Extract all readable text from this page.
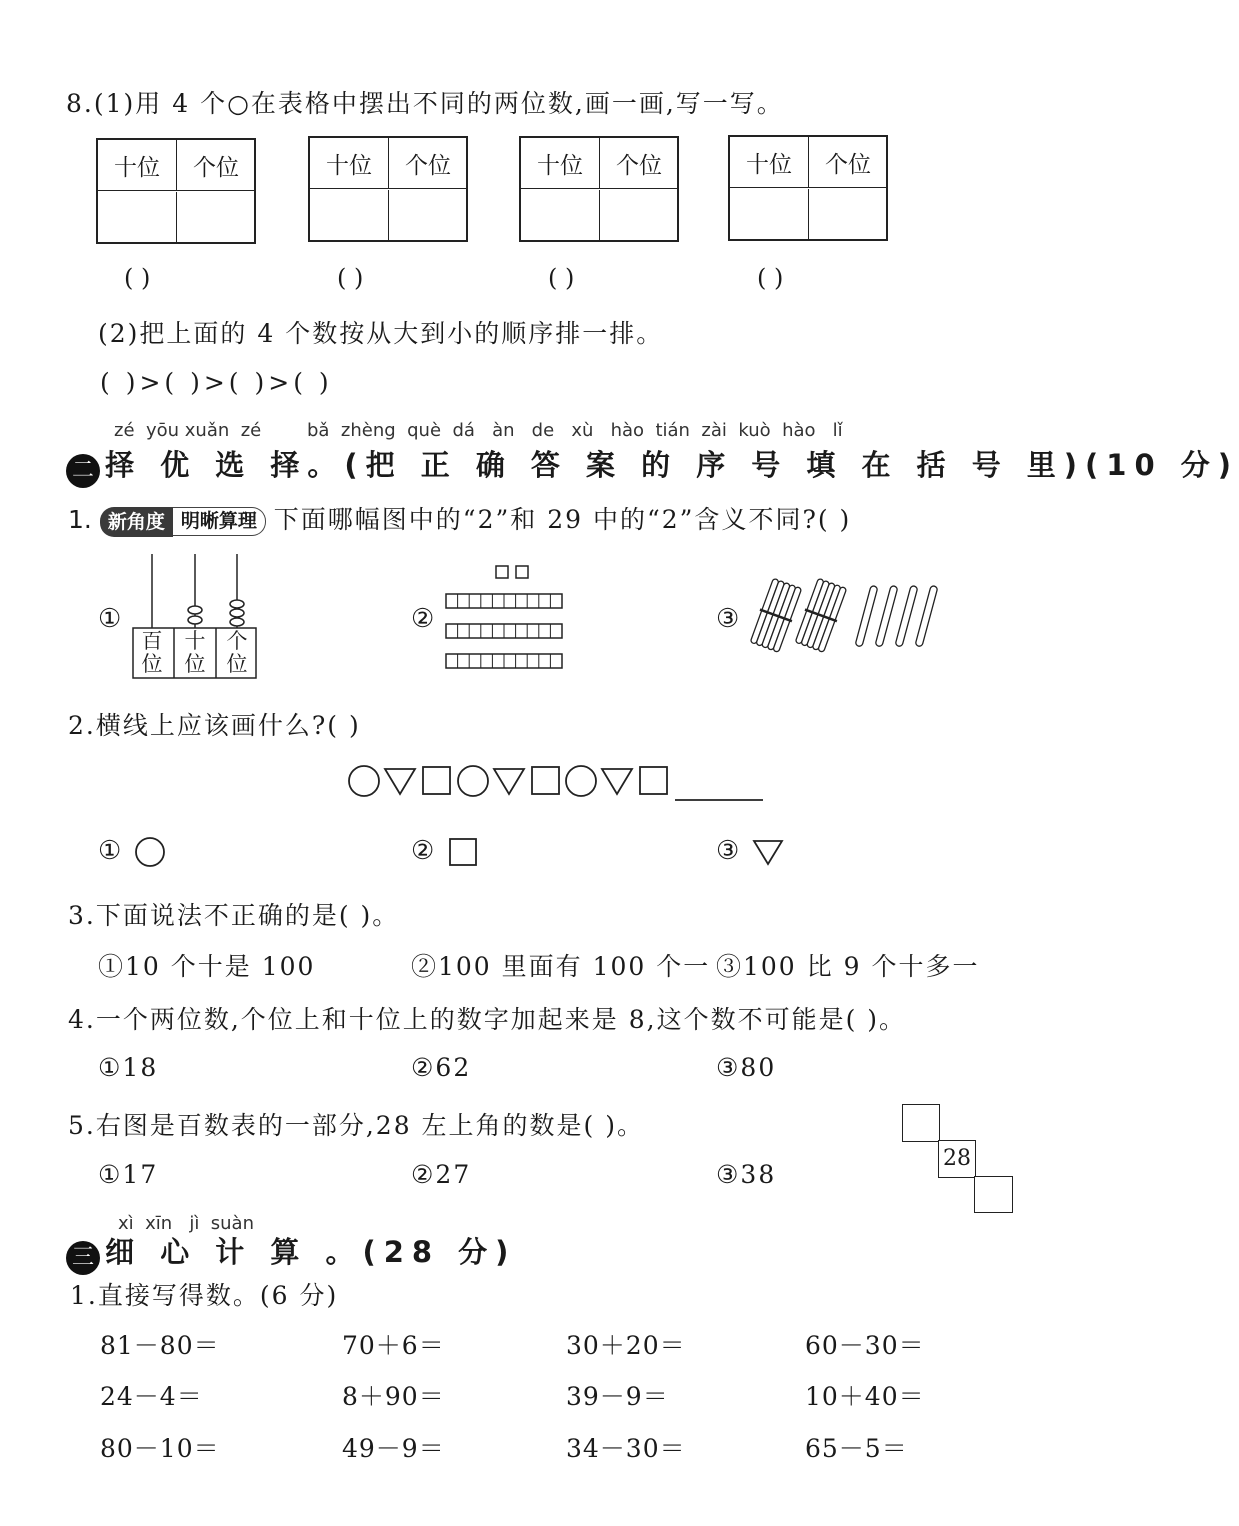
8.(1)用 4 个○在表格中摆出不同的两位数,画一画,写一写。
十位	个位	十位	个位	十位	个位	十位	个位
( )	( )	( )	( )
(2)把上面的 4 个数按从大到小的顺序排一排。
( )>( )>( )>( )
zé  yōu xuǎn  zé        bǎ  zhèng  què  dá   àn   de   xù   hào  tián  zài  kuò  hào   lǐ
二 择 优 选 择。(把 正 确 答 案 的 序 号 填 在 括 号 里)(10 分)
1. 新角度 明晰算理 下面哪幅图中的“2”和 29 中的“2”含义不同?( )
①
百位
十位
个位
②	③
2.横线上应该画什么?( )
①	②	③
3.下面说法不正确的是( )。
①10 个十是 100	②100 里面有 100 个一 ③100 比 9 个十多一
4.一个两位数,个位上和十位上的数字加起来是 8,这个数不可能是( )。
①18	②62	③80
5.右图是百数表的一部分,28 左上角的数是( )。
①17	②27	③38
28
xì  xīn   jì  suàn
三 细 心 计 算 。(28 分)
1.直接写得数。(6 分)
81－80＝	70＋6＝	30＋20＝	60－30＝
24－4＝	8＋90＝	39－9＝	10＋40＝
80－10＝	49－9＝	34－30＝	65－5＝
